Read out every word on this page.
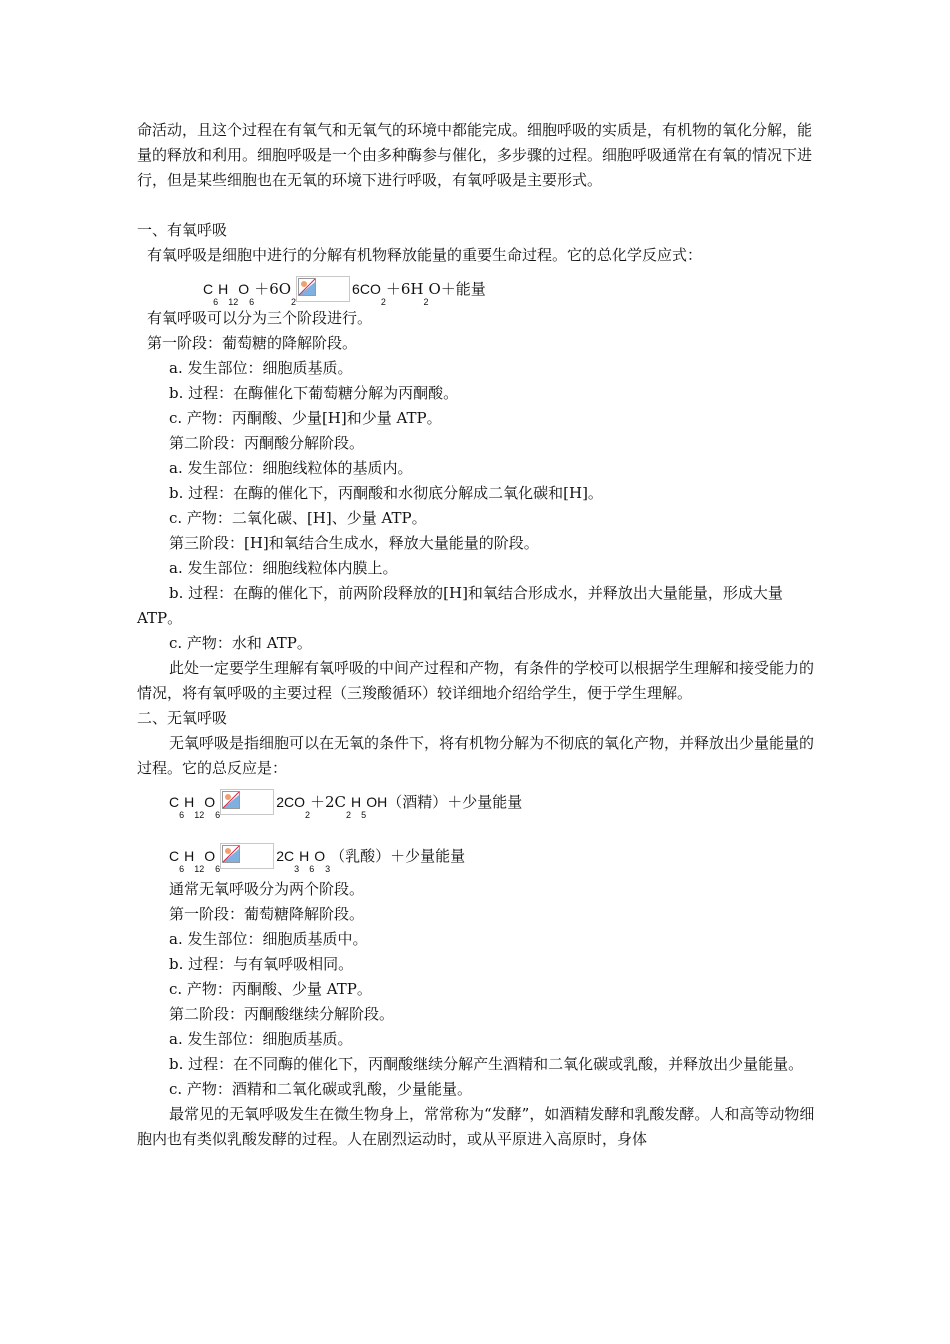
命活动，且这个过程在有氧气和无氧气的环境中都能完成。细胞呼吸的实质是，有机物的氧化分解，能量的释放和利用。细胞呼吸是一个由多种酶参与催化，多步骤的过程。细胞呼吸通常在有氧的情况下进行，但是某些细胞也在无氧的环境下进行呼吸，有氧呼吸是主要形式。

一、有氧呼吸

有氧呼吸是细胞中进行的分解有机物释放能量的重要生命过程。它的总化学反应式：

C
6
H
12
O
6
＋6O
2
6CO
2
＋6H
2
O＋能量

有氧呼吸可以分为三个阶段进行。

第一阶段：葡萄糖的降解阶段。

a. 发生部位：细胞质基质。

b. 过程：在酶催化下葡萄糖分解为丙酮酸。

c. 产物：丙酮酸、少量[H]和少量 ATP。

第二阶段：丙酮酸分解阶段。

a. 发生部位：细胞线粒体的基质内。

b. 过程：在酶的催化下，丙酮酸和水彻底分解成二氧化碳和[H]。

c. 产物：二氧化碳、[H]、少量 ATP。

第三阶段：[H]和氧结合生成水，释放大量能量的阶段。

a. 发生部位：细胞线粒体内膜上。

b. 过程：在酶的催化下，前两阶段释放的[H]和氧结合形成水，并释放出大量能量，形成大量 ATP。

c. 产物：水和 ATP。

此处一定要学生理解有氧呼吸的中间产过程和产物，有条件的学校可以根据学生理解和接受能力的情况，将有氧呼吸的主要过程（三羧酸循环）较详细地介绍给学生，便于学生理解。

二、无氧呼吸

无氧呼吸是指细胞可以在无氧的条件下，将有机物分解为不彻底的氧化产物，并释放出少量能量的过程。它的总反应是：

C
6
H
12
O
6
2CO
2
＋2C
2
H
5
OH （酒精）＋少量能量
C
6
H
12
O
6
2C
3
H
6
O
3
（乳酸）＋少量能量

通常无氧呼吸分为两个阶段。

第一阶段：葡萄糖降解阶段。

a. 发生部位：细胞质基质中。

b. 过程：与有氧呼吸相同。

c. 产物：丙酮酸、少量 ATP。

第二阶段：丙酮酸继续分解阶段。

a. 发生部位：细胞质基质。

b. 过程：在不同酶的催化下，丙酮酸继续分解产生酒精和二氧化碳或乳酸，并释放出少量能量。

c. 产物：酒精和二氧化碳或乳酸，少量能量。

最常见的无氧呼吸发生在微生物身上，常常称为“发酵”，如酒精发酵和乳酸发酵。人和高等动物细胞内也有类似乳酸发酵的过程。人在剧烈运动时，或从平原进入高原时，身体
